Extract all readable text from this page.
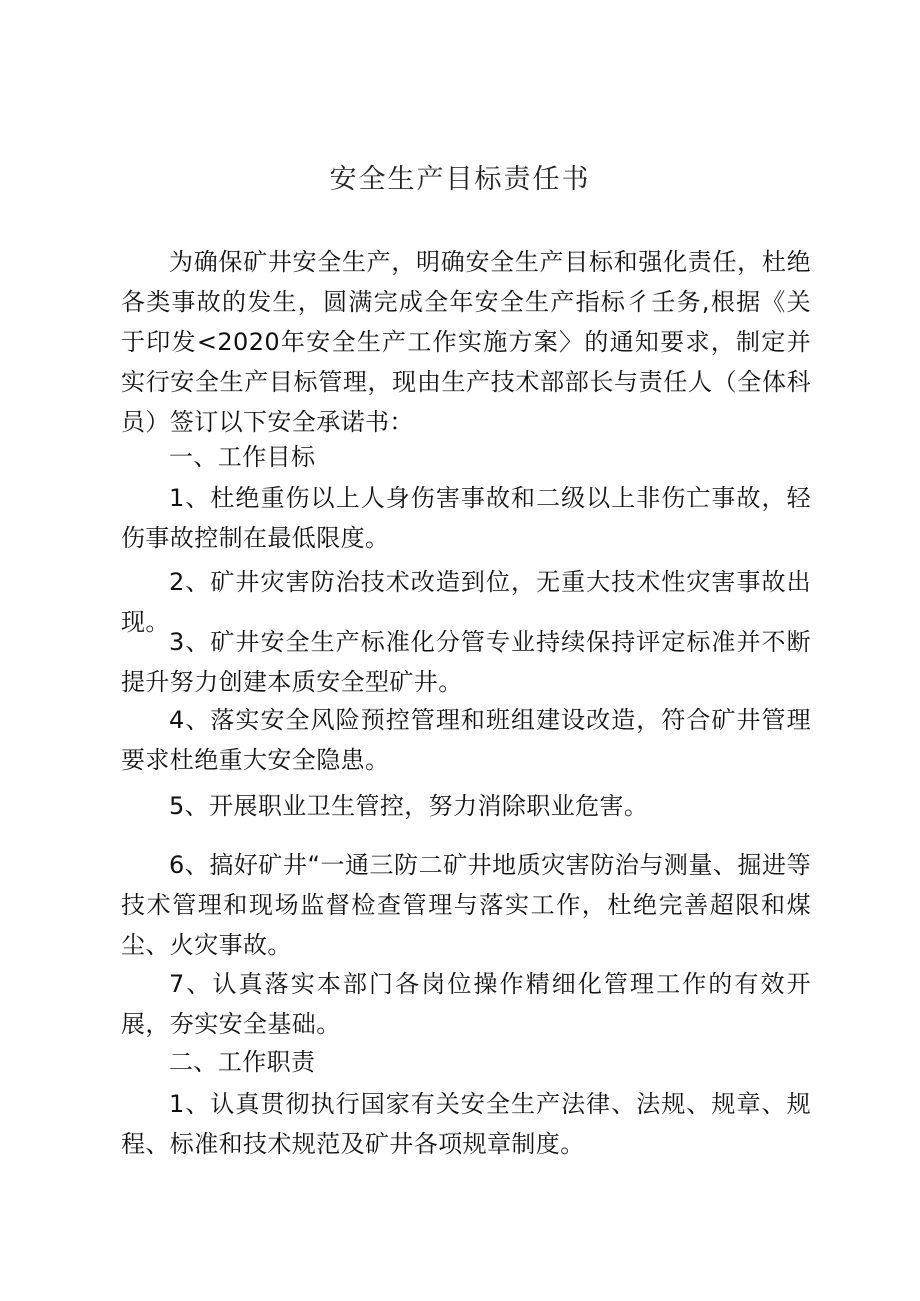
安全生产目标责任书
为确保矿井安全生产，明确安全生产目标和强化责任，杜绝各类事故的发生，圆满完成全年安全生产指标彳壬务,根据《关于印发<2020年安全生产工作实施方案〉的通知要求，制定并实行安全生产目标管理，现由生产技术部部长与责任人（全体科员）签订以下安全承诺书：
一、工作目标
1、杜绝重伤以上人身伤害事故和二级以上非伤亡事故，轻伤事故控制在最低限度。
2、矿井灾害防治技术改造到位，无重大技术性灾害事故出现。
3、矿井安全生产标准化分管专业持续保持评定标准并不断提升努力创建本质安全型矿井。
4、落实安全风险预控管理和班组建设改造，符合矿井管理要求杜绝重大安全隐患。
5、开展职业卫生管控，努力消除职业危害。
6、搞好矿井“一通三防二矿井地质灾害防治与测量、掘进等技术管理和现场监督检查管理与落实工作，杜绝完善超限和煤尘、火灾事故。
7、认真落实本部门各岗位操作精细化管理工作的有效开展，夯实安全基础。
二、工作职责
1、认真贯彻执行国家有关安全生产法律、法规、规章、规程、标准和技术规范及矿井各项规章制度。
